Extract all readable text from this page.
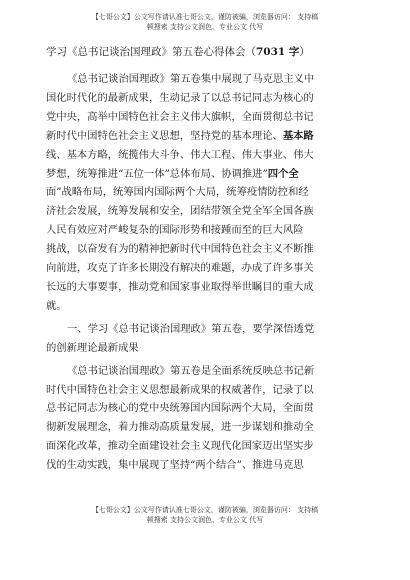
【七哥公文】公文写作请认准七哥公文，谨防被骗，浏览器访问： 支持稿
顿搜索 支持公文润色、专业公文 代写
学习《总书记谈治国理政》第五卷心得体会（7031 字）

《总书记谈治国理政》第五卷集中展现了马克思主义中
国化时代化的最新成果，生动记录了以总书记同志为核心的
党中央，高举中国特色社会主义伟大旗帜，全面贯彻总书记
新时代中国特色社会主义思想，坚持党的基本理论、基本路
线、基本方略，统揽伟大斗争、伟大工程、伟大事业、伟大
梦想，统筹推进“五位一体”总体布局、协调推进”四个全
面”战略布局，统筹国内国际两个大局，统筹疫情防控和经
济社会发展，统筹发展和安全，团结带领全党全军全国各族
人民有效应对严峻复杂的国际形势和接踵而至的巨大风险
挑战，以奋发有为的精神把新时代中国特色社会主义不断推
向前进，攻克了许多长期没有解决的难题，办成了许多事关
长远的大事要事，推动党和国家事业取得举世瞩目的重大成
就。

一、学习《总书记谈治国理政》第五卷，要学深悟透党
的创新理论最新成果

《总书记谈治国理政》第五卷是全面系统反映总书记新
时代中国特色社会主义思想最新成果的权威著作，记录了以
总书记同志为核心的党中央统筹国内国际两个大局，全面贯
彻新发展理念，着力推动高质量发展，进一步谋划和推动全
面深化改革，推动全面建设社会主义现代化国家迈出坚实步
伐的生动实践，集中展现了坚持“两个结合”、推进马克思

【七哥公文】公文写作请认准七哥公文，谨防被骗，浏览器访问： 支持稿
顿搜索 支持公文润色、专业公文 代写
